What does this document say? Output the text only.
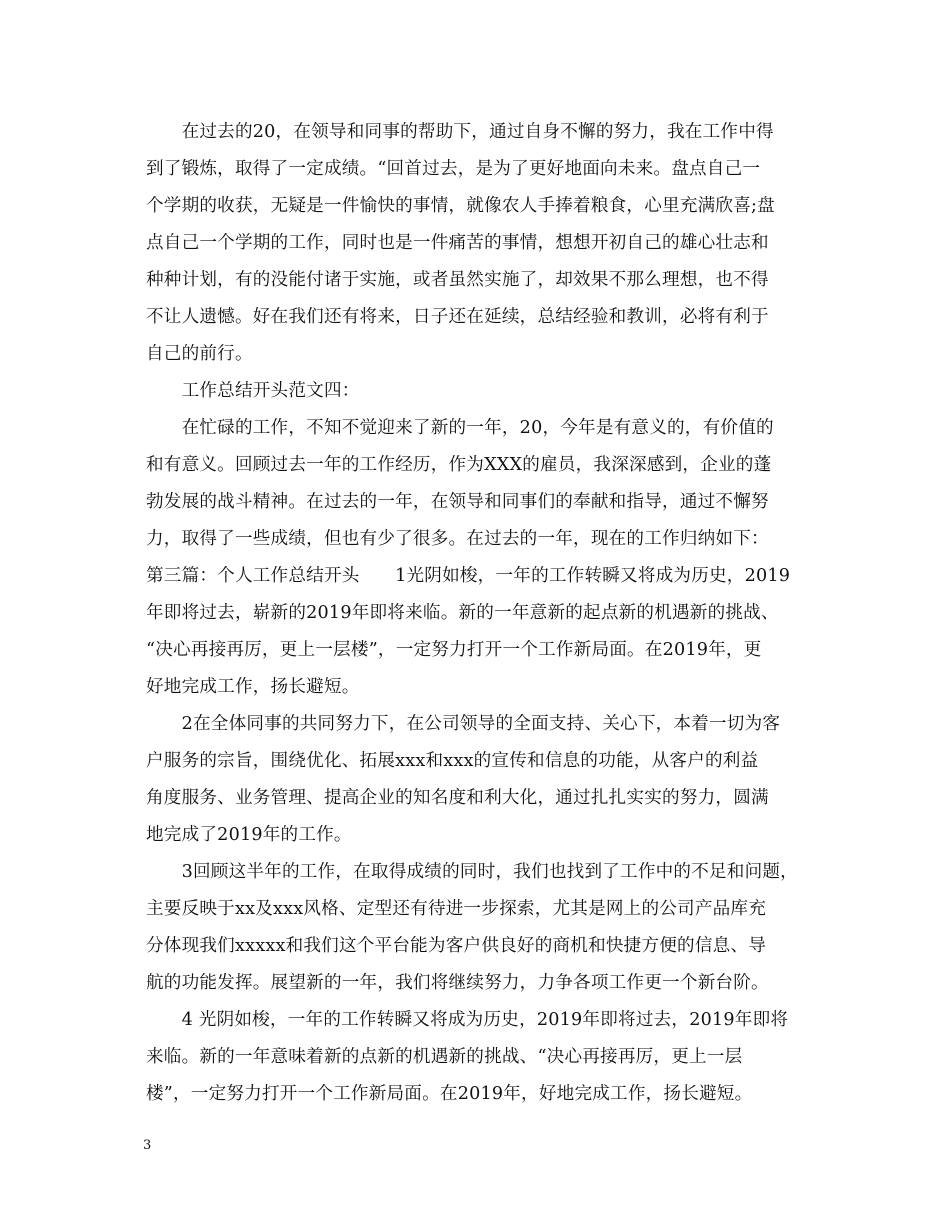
　　在过去的20，在领导和同事的帮助下，通过自身不懈的努力，我在工作中得
到了锻炼，取得了一定成绩。“回首过去，是为了更好地面向未来。盘点自己一
个学期的收获，无疑是一件愉快的事情，就像农人手捧着粮食，心里充满欣喜;盘
点自己一个学期的工作，同时也是一件痛苦的事情，想想开初自己的雄心壮志和
种种计划，有的没能付诸于实施，或者虽然实施了，却效果不那么理想，也不得
不让人遗憾。好在我们还有将来，日子还在延续，总结经验和教训，必将有利于
自己的前行。
　　工作总结开头范文四：
　　在忙碌的工作，不知不觉迎来了新的一年，20，今年是有意义的，有价值的
和有意义。回顾过去一年的工作经历，作为XXX的雇员，我深深感到，企业的蓬
勃发展的战斗精神。在过去的一年，在领导和同事们的奉献和指导，通过不懈努
力，取得了一些成绩，但也有少了很多。在过去的一年，现在的工作归纳如下：
第三篇：个人工作总结开头　　1光阴如梭，一年的工作转瞬又将成为历史，2019
年即将过去，崭新的2019年即将来临。新的一年意新的起点新的机遇新的挑战、
“决心再接再厉，更上一层楼”，一定努力打开一个工作新局面。在2019年，更
好地完成工作，扬长避短。
　　2在全体同事的共同努力下，在公司领导的全面支持、关心下，本着一切为客
户服务的宗旨，围绕优化、拓展xxx和xxx的宣传和信息的功能，从客户的利益
角度服务、业务管理、提高企业的知名度和利大化，通过扎扎实实的努力，圆满
地完成了2019年的工作。
　　3回顾这半年的工作，在取得成绩的同时，我们也找到了工作中的不足和问题，
主要反映于xx及xxx风格、定型还有待进一步探索，尤其是网上的公司产品库充
分体现我们xxxxx和我们这个平台能为客户供良好的商机和快捷方便的信息、导
航的功能发挥。展望新的一年，我们将继续努力，力争各项工作更一个新台阶。
　　4 光阴如梭，一年的工作转瞬又将成为历史，2019年即将过去，2019年即将
来临。新的一年意味着新的点新的机遇新的挑战、“决心再接再厉，更上一层
楼”，一定努力打开一个工作新局面。在2019年，好地完成工作，扬长避短。
3
